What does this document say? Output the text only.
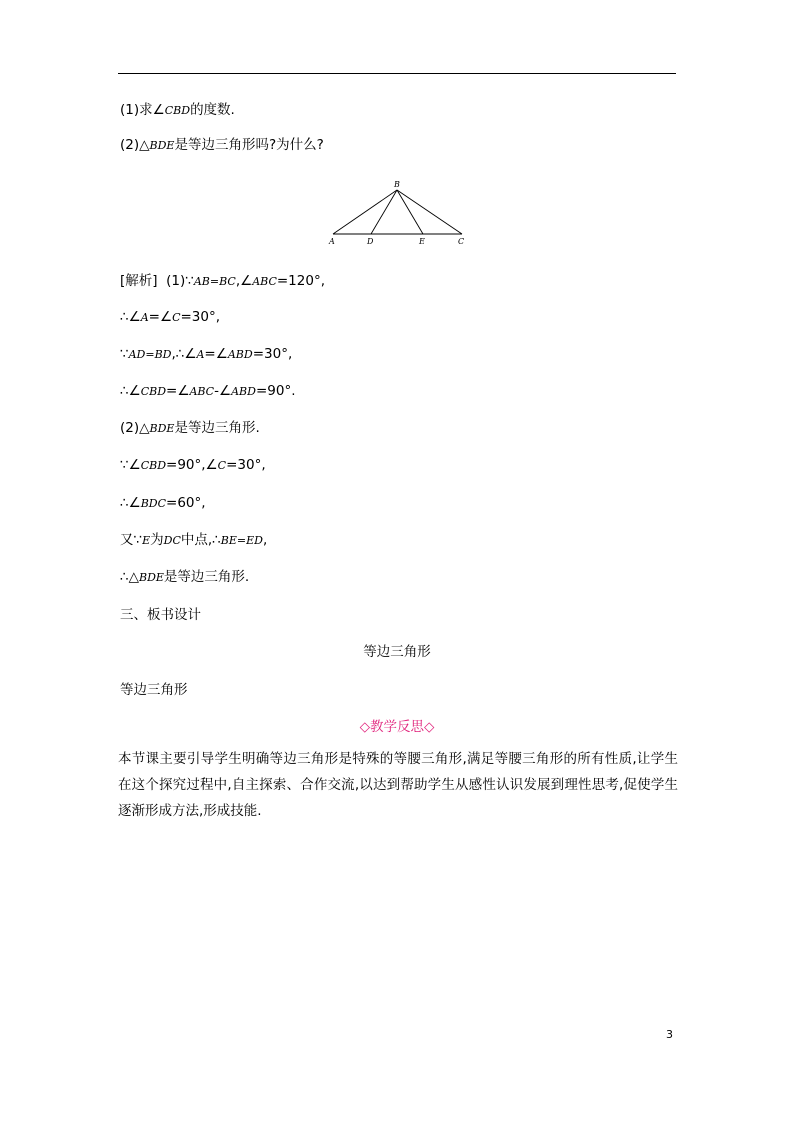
(1)求∠CBD的度数.
(2)△BDE是等边三角形吗?为什么?
B
A	D	E	C
[解析] (1)∵AB=BC,∠ABC=120°,
∴∠A=∠C=30°,
∵AD=BD,∴∠A=∠ABD=30°,
∴∠CBD=∠ABC-∠ABD=90°.
(2)△BDE是等边三角形.
∵∠CBD=90°,∠C=30°,
∴∠BDC=60°,
又∵E为DC中点,∴BE=ED,
∴△BDE是等边三角形.
三、板书设计
等边三角形
等边三角形
◇教学反思◇
本节课主要引导学生明确等边三角形是特殊的等腰三角形,满足等腰三角形的所有性质,让学生在这个探究过程中,自主探索、合作交流,以达到帮助学生从感性认识发展到理性思考,促使学生逐渐形成方法,形成技能.
3
